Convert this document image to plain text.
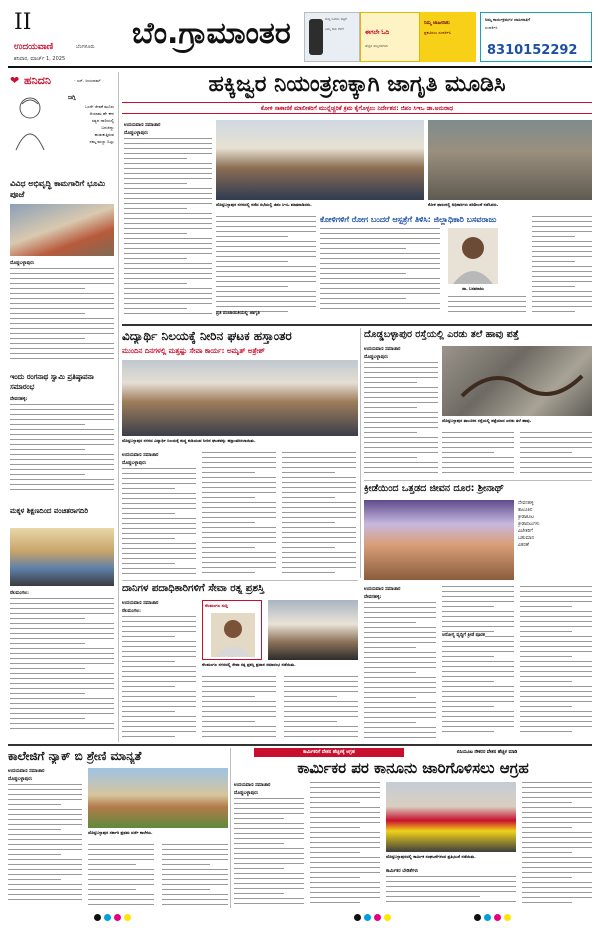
II
ಉದಯವಾಣಿ	ಬೆಂಗಳೂರು
ಶನಿವಾರ, ಮಾರ್ಚ್ 1, 2025
ಬೆಂ.ಗ್ರಾಮಾಂತರ	ಸುದ್ದಿ ಓದಲು ಪತ್ರಿಕೆ
ನಿಮ್ಮ ಕಾಲ ಕೆಳಗೆ	ಈಗಲೇ ಓದಿ
ಹೆಚ್ಚಿನ ಸುದ್ದಿಗಳಿಗಾಗಿ
ನಿಮ್ಮ ಜಾಹೀರಾತು
ಪ್ರಕಟಿಸಲು ಸಂಪರ್ಕಿಸಿ
ನಿಮ್ಮ ಕಾರ್ಯಕ್ರಮಗಳ ಜಾಹೀರಾತಿಗೆ
ಸಂಪರ್ಕಿಸಿ
8310152292
❤ ಹನಿದನಿ	- ಎಸ್. ಜಯರಾಮ್
ಜಗ್ಗಿ
ಒಂದೇ ಜೀವಕೆ ಮೂರು
ಆಯಾಮ ಹೇ ಈಗ
ಸತ್ಯದ ದಾರಿಯಲ್ಲಿ
ಬದುಕಿದ್ದು
ಹುಡುಕುತ್ತಿರುವ
ನಮ್ಮ ಮಣ್ಣು ಬಿಟ್ಟು
ವಿವಿಧ ಅಭಿವೃದ್ಧಿ ಕಾಮಗಾರಿಗೆ ಭೂಮಿ ಪೂಜೆ
ದೊಡ್ಡಬಳ್ಳಾಪುರ:
ಇಂದು ರಂಗನಾಥ ಸ್ವಾಮಿ ಪ್ರತಿಷ್ಠಾಪನಾ ಸಮಾರಂಭ
ದೇವನಹಳ್ಳಿ:
ಮಕ್ಕಳ ಶಿಕ್ಷಣದಿಂದ ವಂಚಿತರಾಗದಿರಿ
ನೆಲಮಂಗಲ:
ಹಕ್ಕಿಜ್ವರ ನಿಯಂತ್ರಣಕ್ಕಾಗಿ ಜಾಗೃತಿ ಮೂಡಿಸಿ
ಕೋಳಿ ಸಾಕಾಣಿಕೆ ಮಾಲೀಕರಿಗೆ ಮುನ್ನೆಚ್ಚರಿಕೆ ಕ್ರಮ ಕೈಗೊಳ್ಳಲು ನಿರ್ದೇಶನ: ಜಿಪಂ ಸಿಇಒ ಡಾ.ಅನುರಾಧ
ಉದಯವಾಣಿ ಸಮಾಚಾರ
ದೊಡ್ಡಬಳ್ಳಾಪುರ:
ದೊಡ್ಡಬಳ್ಳಾಪುರ ನಗರದಲ್ಲಿ ನಡೆದ ಸಭೆಯಲ್ಲಿ ಜಿಪಂ ಸಿಇಒ ಮಾತನಾಡಿದರು.	ಕೋಳಿ ಫಾರಂನಲ್ಲಿ ಅಧಿಕಾರಿಗಳು ಪರಿಶೀಲನೆ ನಡೆಸಿದರು.
ಕೋಳಿಗಳಿಗೆ ರೋಗ ಬಂದರೆ ಆಸ್ಪತ್ರೆಗೆ ತಿಳಿಸಿ: ಜಿಲ್ಲಾಧಿಕಾರಿ ಬಸವರಾಜು
ಡಾ. ಬಸವರಾಜು
ಪ್ರತಿ ಪಂಚಾಯಿತಿಯಲ್ಲಿ ಜಾಗೃತಿ
ವಿದ್ಯಾರ್ಥಿ ನಿಲಯಕ್ಕೆ ನೀರಿನ ಘಟಕ ಹಸ್ತಾಂತರ
ಮುಂದಿನ ದಿನಗಳಲ್ಲಿ ಮತ್ತಷ್ಟು ಸೇವಾ ಕಾರ್ಯ: ಅಮೃತ್ ಅತ್ರೇಶ್
ದೊಡ್ಡಬಳ್ಳಾಪುರ ನಗರದ ವಿದ್ಯಾರ್ಥಿ ನಿಲಯಕ್ಕೆ ಶುದ್ಧ ಕುಡಿಯುವ ನೀರಿನ ಘಟಕವನ್ನು ಹಸ್ತಾಂತರಿಸಲಾಯಿತು.
ಉದಯವಾಣಿ ಸಮಾಚಾರ
ದೊಡ್ಡಬಳ್ಳಾಪುರ:
ದೊಡ್ಡಬಳ್ಳಾಪುರ ರಸ್ತೆಯಲ್ಲಿ ಎರಡು ತಲೆ ಹಾವು ಪತ್ತೆ
ಉದಯವಾಣಿ ಸಮಾಚಾರ
ದೊಡ್ಡಬಳ್ಳಾಪುರ:
ದೊಡ್ಡಬಳ್ಳಾಪುರ ತಾಲೂಕಿನ ರಸ್ತೆಯಲ್ಲಿ ಪತ್ತೆಯಾದ ಎರಡು ತಲೆ ಹಾವು.
ಕ್ರೀಡೆಯಿಂದ ಒತ್ತಡದ ಜೀವನ ದೂರ: ಶ್ರೀನಾಥ್
ದೇವನಹಳ್ಳಿ
ತಾಲೂಕಿನ
ಕ್ರೀಡಾಕೂಟ
ಕ್ರೀಡಾಪಟುಗಳು
ವಿಜೇತರಿಗೆ
ಬಹುಮಾನ
ವಿತರಣೆ
ಉದಯವಾಣಿ ಸಮಾಚಾರ
ದೇವನಹಳ್ಳಿ:
ಆರೋಗ್ಯ ವೃದ್ಧಿಗೆ ಕ್ರೀಡೆ ಪೂರಕ
ದಾನಿಗಳ ಪದಾಧಿಕಾರಿಗಳಿಗೆ ಸೇವಾ ರತ್ನ ಪ್ರಶಸ್ತಿ
ಉದಯವಾಣಿ ಸಮಾಚಾರ
ನೆಲಮಂಗಲ:
ನೆಲಮಂಗಲ ಸುದ್ದಿ
ನೆಲಮಂಗಲ ನಗರದಲ್ಲಿ ಸೇವಾ ರತ್ನ ಪ್ರಶಸ್ತಿ ಪ್ರದಾನ ಸಮಾರಂಭ ನಡೆಯಿತು.
ಕಾಲೇಜಿಗೆ ನ್ಯಾಕ್ ಬಿ ಶ್ರೇಣಿ ಮಾನ್ಯತೆ
ಉದಯವಾಣಿ ಸಮಾಚಾರ
ದೊಡ್ಡಬಳ್ಳಾಪುರ:
ದೊಡ್ಡಬಳ್ಳಾಪುರ ಸರ್ಕಾರಿ ಪ್ರಥಮ ದರ್ಜೆ ಕಾಲೇಜು.
ಕಾರ್ಮಿಕರಿಗೆ ವೇತನ ಹೆಚ್ಚಳಕ್ಕೆ ಆಗ್ರಹ	ಬಿಸಿಯೂಟ ನೌಕರರ ವೇತನ ಹೆಚ್ಚಳ ಮಾಡಿ
ಕಾರ್ಮಿಕರ ಪರ ಕಾನೂನು ಜಾರಿಗೊಳಿಸಲು ಆಗ್ರಹ
ಉದಯವಾಣಿ ಸಮಾಚಾರ
ದೊಡ್ಡಬಳ್ಳಾಪುರ:
ದೊಡ್ಡಬಳ್ಳಾಪುರದಲ್ಲಿ ಕಾರ್ಮಿಕ ಸಂಘಟನೆಗಳಿಂದ ಪ್ರತಿಭಟನೆ ನಡೆಯಿತು.
ಕಾರ್ಮಿಕರ ಬೇಡಿಕೆಗಳು
